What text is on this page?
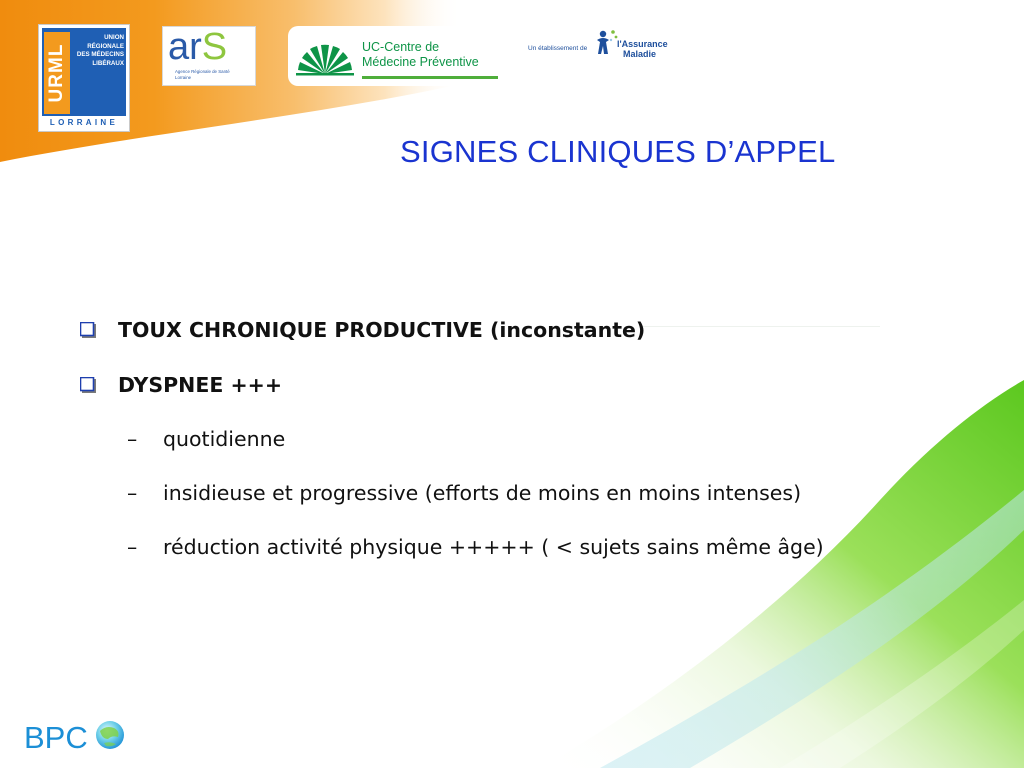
URML
UNION
RÉGIONALE
DES MÉDECINS
LIBÉRAUX
LORRAINE
arS
Agence Régionale de Santé
Lorraine
UC-Centre de
Médecine Préventive
Un établissement de	l'Assurance
Maladie
SIGNES CLINIQUES D’APPEL
TOUX CHRONIQUE PRODUCTIVE (inconstante)
DYSPNEE +++
– quotidienne
– insidieuse et progressive (efforts de moins en moins intenses)
– réduction activité physique +++++ ( < sujets sains même âge)
BPC
